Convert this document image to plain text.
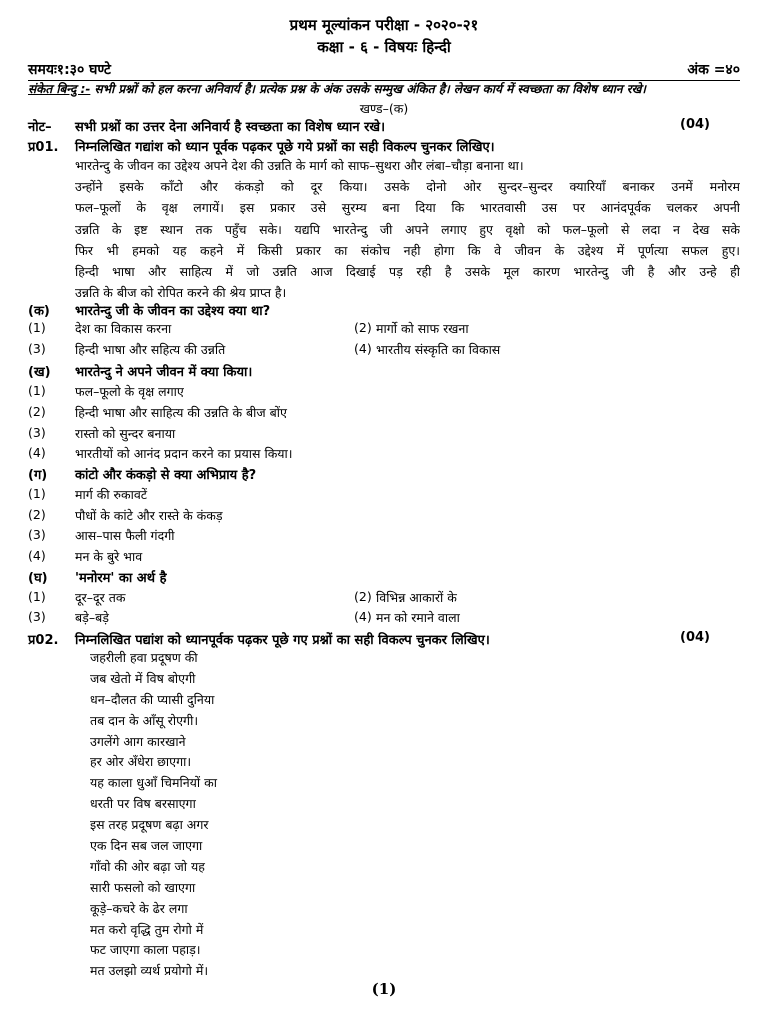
प्रथम मूल्यांकन परीक्षा - २०२०-२१
कक्षा - ६ - विषयः हिन्दी
समयः१:३० घण्टे	अंक =४०
संकेत बिन्दु :- सभी प्रश्नों को हल करना अनिवार्य है। प्रत्येक प्रश्न के अंक उसके सम्मुख अंकित है। लेखन कार्य में स्वच्छता का विशेष ध्यान रखे।
खण्ड–(क)
नोट– सभी प्रश्नों का उत्तर देना अनिवार्य है स्वच्छता का विशेष ध्यान रखे।	(04)
प्र01. निम्नलिखित गद्यांश को ध्यान पूर्वक पढ़कर पूछे गये प्रश्नों का सही विकल्प चुनकर लिखिए।
भारतेन्दु के जीवन का उद्देश्य अपने देश की उन्नति के मार्ग को साफ–सुथरा और लंबा–चौड़ा बनाना था।
उन्होंने इसके काँटो और कंकड़ो को दूर किया। उसके दोनो ओर सुन्दर–सुन्दर क्यारियाँ बनाकर उनमें मनोरम
फल–फूलों के वृक्ष लगायें। इस प्रकार उसे सुरम्य बना दिया कि भारतवासी उस पर आनंदपूर्वक चलकर अपनी
उन्नति के इष्ट स्थान तक पहुँच सके। यद्यपि भारतेन्दु जी अपने लगाए हुए वृक्षो को फल–फूलो से लदा न देख सके
फिर भी हमको यह कहने में किसी प्रकार का संकोच नही होगा कि वे जीवन के उद्देश्य में पूर्णत्या सफल हुए।
हिन्दी भाषा और साहित्य में जो उन्नति आज दिखाई पड़ रही है उसके मूल कारण भारतेन्दु जी है और उन्हे ही
उन्नति के बीज को रोपित करने की श्रेय प्राप्त है।
(क) भारतेन्दु जी के जीवन का उद्देश्य क्या था?
(1) देश का विकास करना	(2) मार्गो को साफ रखना
(3) हिन्दी भाषा और सहित्य की उन्नति	(4) भारतीय संस्कृति का विकास
(ख) भारतेन्दु ने अपने जीवन में क्या किया।
(1) फल–फूलो के वृक्ष लगाए
(2) हिन्दी भाषा और साहित्य की उन्नति के बीज बोंए
(3) रास्तो को सुन्दर बनाया
(4) भारतीयों को आनंद प्रदान करने का प्रयास किया।
(ग) कांटो और कंकड़ो से क्या अभिप्राय है?
(1) मार्ग की रुकावटें
(2) पौधों के कांटे और रास्ते के कंकड़
(3) आस–पास फैली गंदगी
(4) मन के बुरे भाव
(घ) 'मनोरम' का अर्थ है
(1) दूर–दूर तक	(2) विभिन्न आकारों के
(3) बड़े–बड़े	(4) मन को रमाने वाला
प्र02. निम्नलिखित पद्यांश को ध्यानपूर्वक पढ़कर पूछे गए प्रश्नों का सही विकल्प चुनकर लिखिए।	(04)
जहरीली हवा प्रदूषण की
जब खेतो में विष बोएगी
धन–दौलत की प्यासी दुनिया
तब दान के आँसू रोएगी।
उगलेंगे आग कारखाने
हर ओर अँधेरा छाएगा।
यह काला धुआँ चिमनियों का
धरती पर विष बरसाएगा
इस तरह प्रदूषण बढ़ा अगर
एक दिन सब जल जाएगा
गाँवो की ओर बढ़ा जो यह
सारी फसलो को खाएगा
कूड़े–कचरे के ढेर लगा
मत करो वृद्धि तुम रोगो में
फट जाएगा काला पहाड़।
मत उलझो व्यर्थ प्रयोगो में।
(1)
